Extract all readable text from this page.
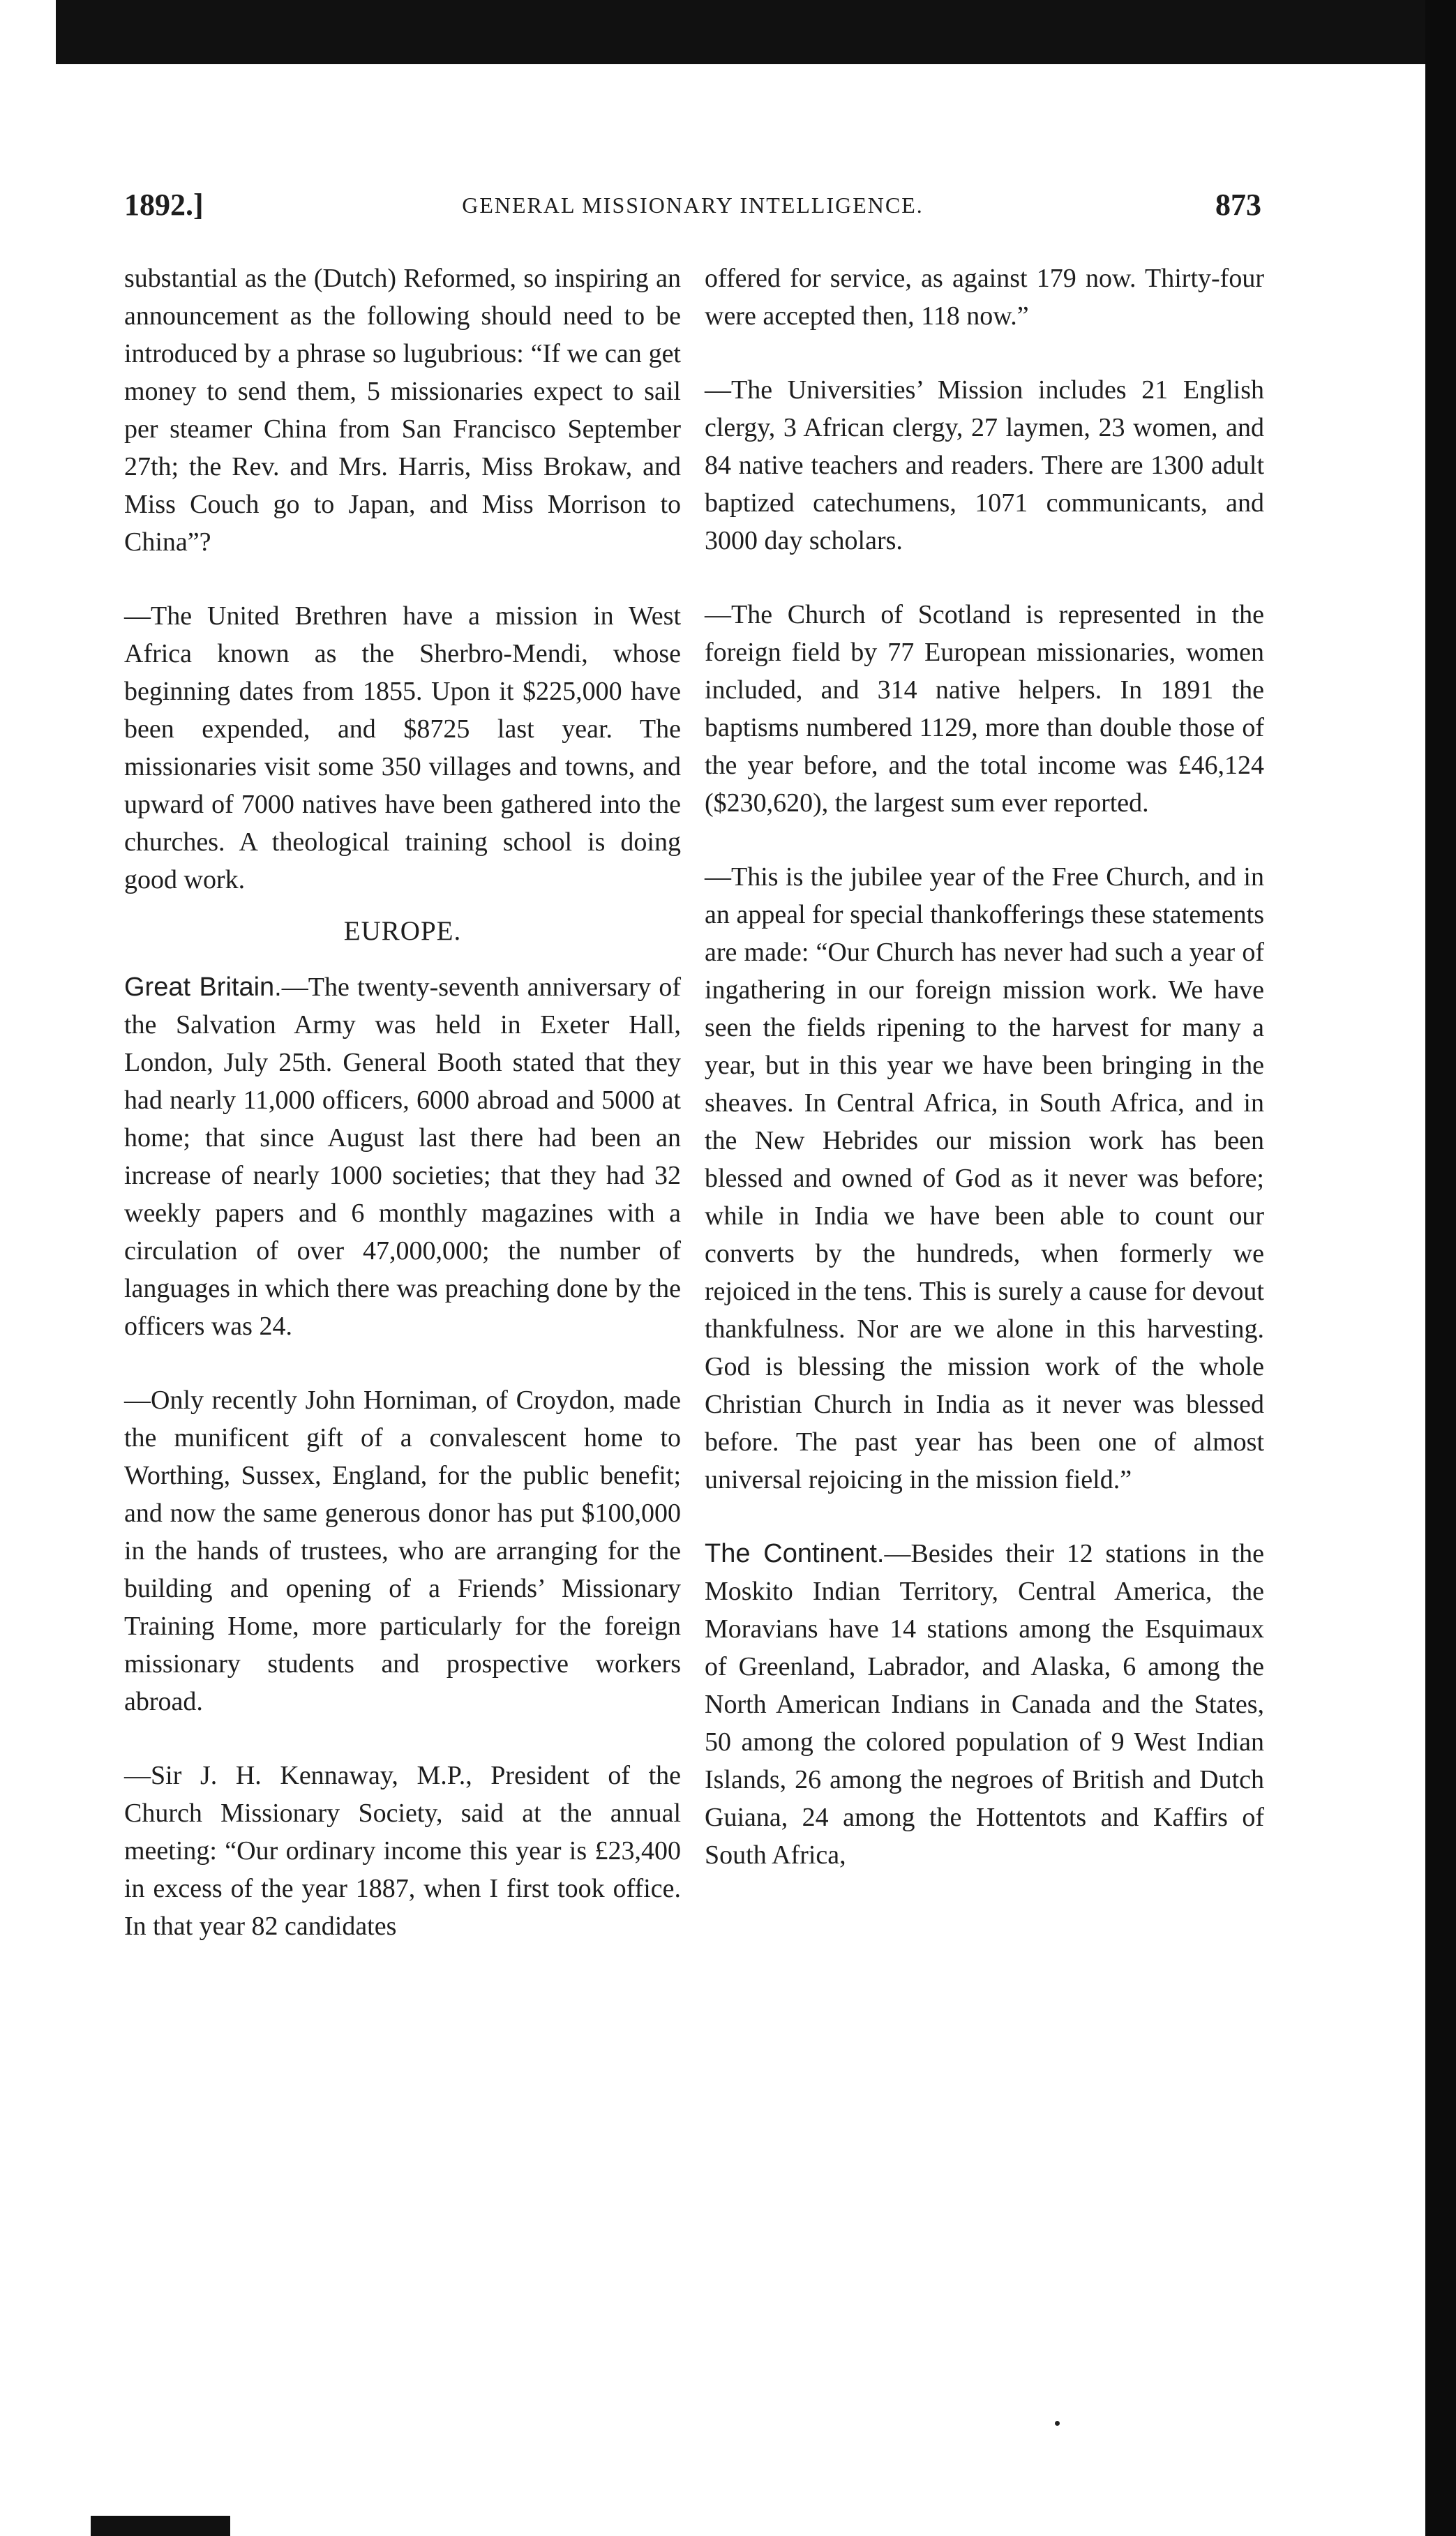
1892.]	GENERAL MISSIONARY INTELLIGENCE.	873

substantial as the (Dutch) Reformed, so inspiring an announcement as the following should need to be introduced by a phrase so lugubrious: “If we can get money to send them, 5 missionaries expect to sail per steamer China from San Francisco September 27th; the Rev. and Mrs. Harris, Miss Brokaw, and Miss Couch go to Japan, and Miss Morrison to China”?

—The United Brethren have a mission in West Africa known as the Sherbro-Mendi, whose beginning dates from 1855. Upon it $225,000 have been expended, and $8725 last year. The missionaries visit some 350 villages and towns, and upward of 7000 natives have been gathered into the churches. A theological training school is doing good work.

EUROPE.

Great Britain.—The twenty-seventh anniversary of the Salvation Army was held in Exeter Hall, London, July 25th. General Booth stated that they had nearly 11,000 officers, 6000 abroad and 5000 at home; that since August last there had been an increase of nearly 1000 societies; that they had 32 weekly papers and 6 monthly magazines with a circulation of over 47,000,000; the number of languages in which there was preaching done by the officers was 24.

—Only recently John Horniman, of Croydon, made the munificent gift of a convalescent home to Worthing, Sussex, England, for the public benefit; and now the same generous donor has put $100,000 in the hands of trustees, who are arranging for the building and opening of a Friends’ Missionary Training Home, more particularly for the foreign missionary students and prospective workers abroad.

—Sir J. H. Kennaway, M.P., President of the Church Missionary Society, said at the annual meeting: “Our ordinary income this year is £23,400 in excess of the year 1887, when I first took office. In that year 82 candidates

offered for service, as against 179 now. Thirty-four were accepted then, 118 now.”

—The Universities’ Mission includes 21 English clergy, 3 African clergy, 27 laymen, 23 women, and 84 native teachers and readers. There are 1300 adult baptized catechumens, 1071 communicants, and 3000 day scholars.

—The Church of Scotland is represented in the foreign field by 77 European missionaries, women included, and 314 native helpers. In 1891 the baptisms numbered 1129, more than double those of the year before, and the total income was £46,124 ($230,620), the largest sum ever reported.

—This is the jubilee year of the Free Church, and in an appeal for special thankofferings these statements are made: “Our Church has never had such a year of ingathering in our foreign mission work. We have seen the fields ripening to the harvest for many a year, but in this year we have been bringing in the sheaves. In Central Africa, in South Africa, and in the New Hebrides our mission work has been blessed and owned of God as it never was before; while in India we have been able to count our converts by the hundreds, when formerly we rejoiced in the tens. This is surely a cause for devout thankfulness. Nor are we alone in this harvesting. God is blessing the mission work of the whole Christian Church in India as it never was blessed before. The past year has been one of almost universal rejoicing in the mission field.”

The Continent.—Besides their 12 stations in the Moskito Indian Territory, Central America, the Moravians have 14 stations among the Esquimaux of Greenland, Labrador, and Alaska, 6 among the North American Indians in Canada and the States, 50 among the colored population of 9 West Indian Islands, 26 among the negroes of British and Dutch Guiana, 24 among the Hottentots and Kaffirs of South Africa,
